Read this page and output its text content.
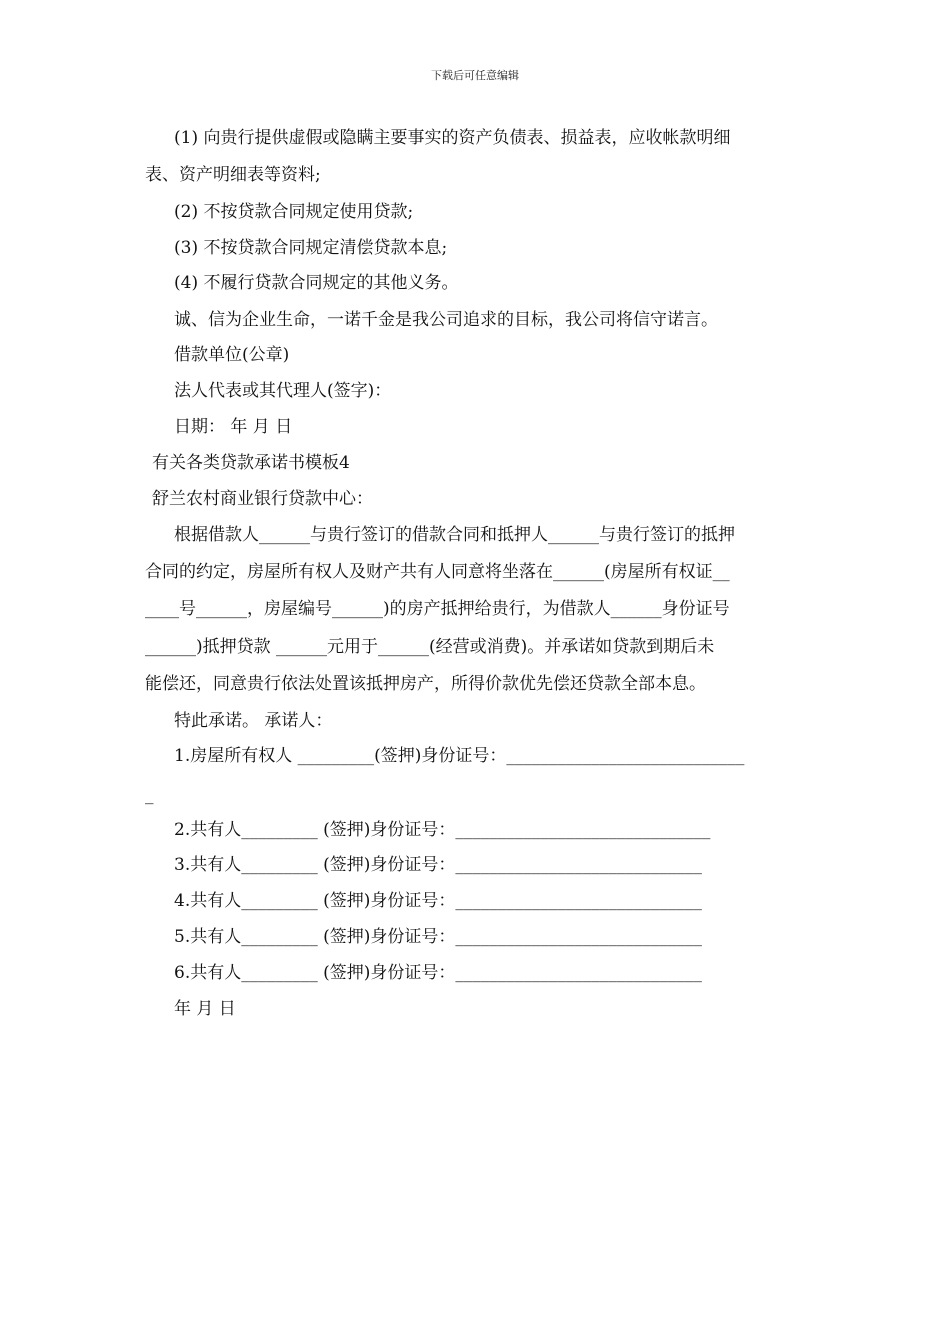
下载后可任意编辑
(1) 向贵行提供虚假或隐瞒主要事实的资产负债表、损益表，应收帐款明细
表、资产明细表等资料;
(2) 不按贷款合同规定使用贷款;
(3) 不按贷款合同规定清偿贷款本息;
(4) 不履行贷款合同规定的其他义务。
诚、信为企业生命，一诺千金是我公司追求的目标，我公司将信守诺言。
借款单位(公章)
法人代表或其代理人(签字)：
日期： 年 月 日
有关各类贷款承诺书模板4
舒兰农村商业银行贷款中心：
根据借款人______与贵行签订的借款合同和抵押人______与贵行签订的抵押
合同的约定，房屋所有权人及财产共有人同意将坐落在______(房屋所有权证__
____号______，房屋编号______)的房产抵押给贵行，为借款人______身份证号
______)抵押贷款 ______元用于______(经营或消费)。并承诺如贷款到期后未
能偿还，同意贵行依法处置该抵押房产，所得价款优先偿还贷款全部本息。
特此承诺。 承诺人：
1.房屋所有权人 _________(签押)身份证号：____________________________
_
2.共有人_________ (签押)身份证号：______________________________
3.共有人_________ (签押)身份证号：_____________________________
4.共有人_________ (签押)身份证号：_____________________________
5.共有人_________ (签押)身份证号：_____________________________
6.共有人_________ (签押)身份证号：_____________________________
年 月 日
